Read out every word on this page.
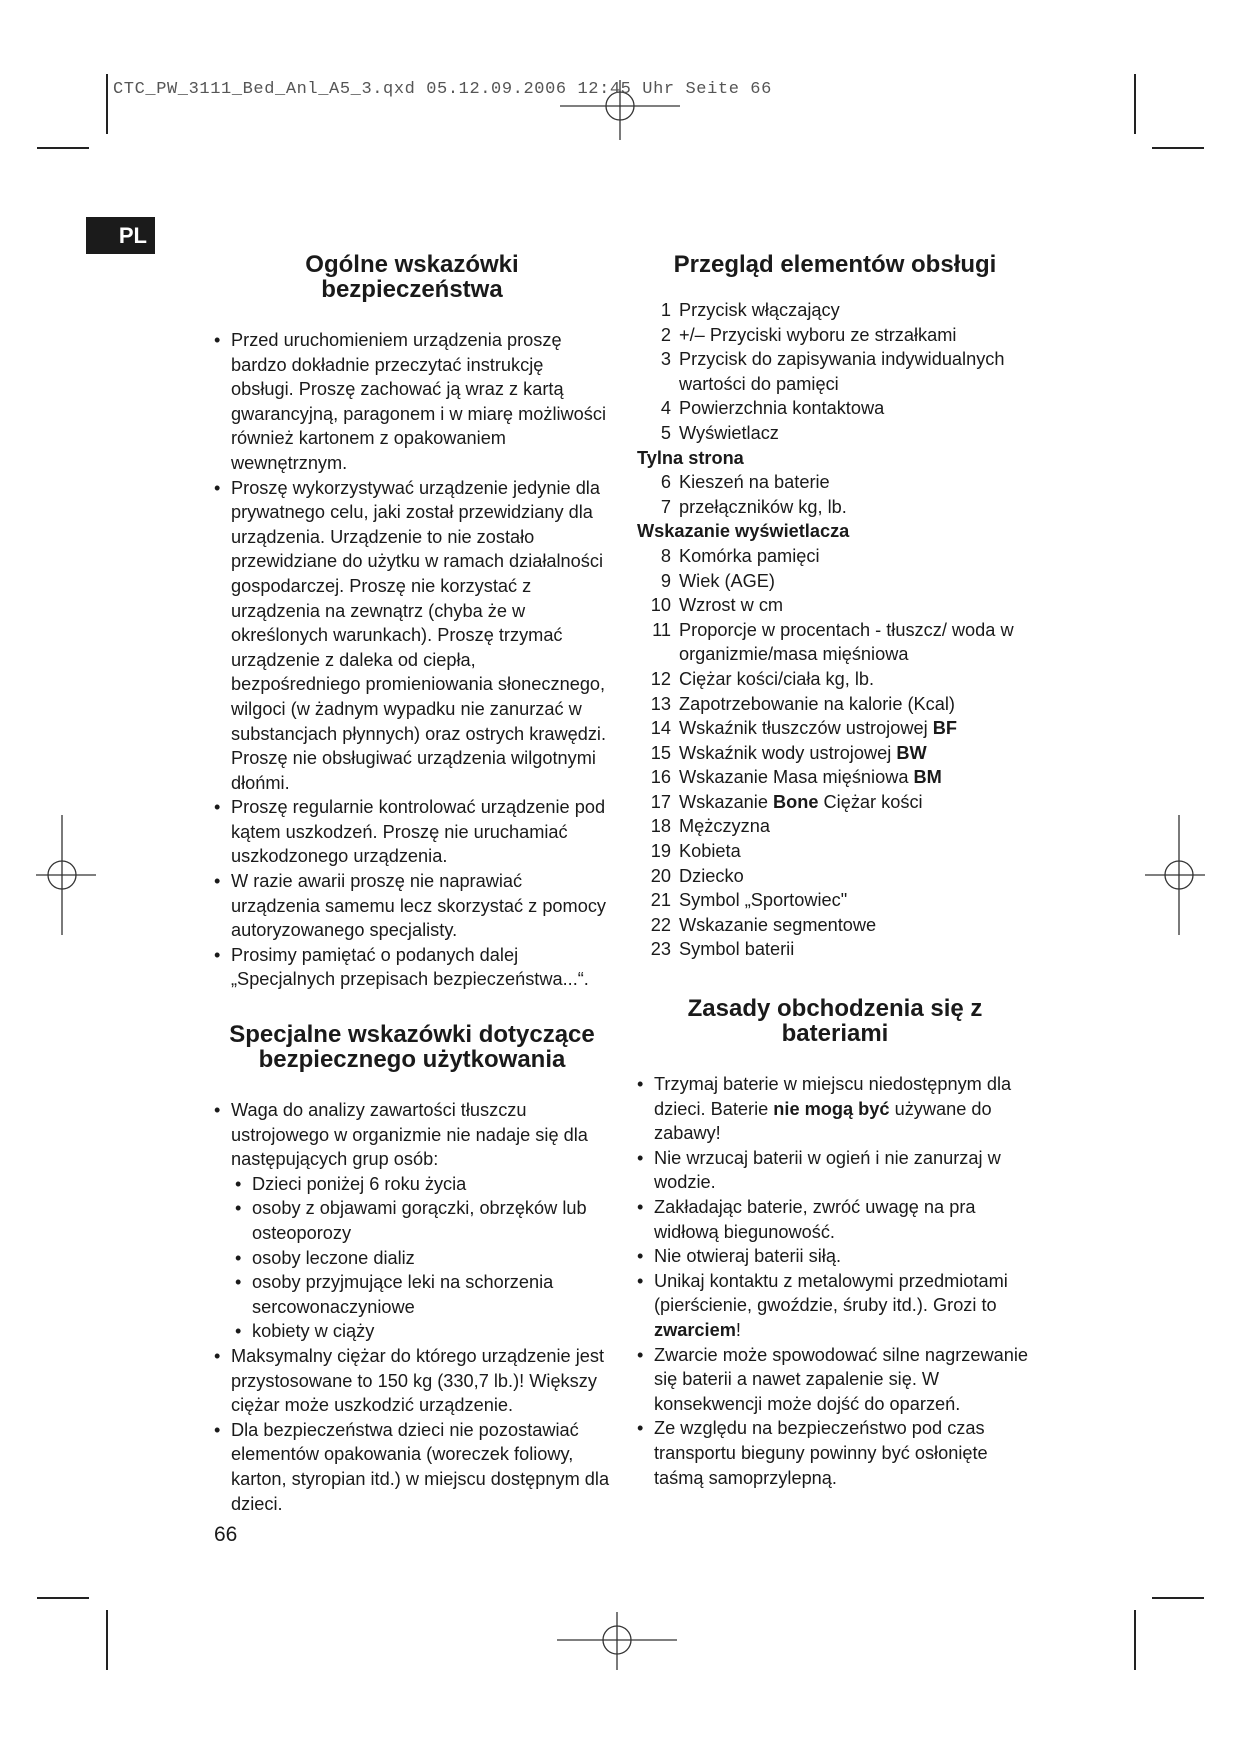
CTC_PW_3111_Bed_Anl_A5_3.qxd 05.12.09.2006 12:45 Uhr Seite 66
PL
Ogólne wskazówki bezpieczeństwa
• Przed uruchomieniem urządzenia proszę bardzo dokładnie przeczytać instrukcję obsługi. Proszę zachować ją wraz z kartą gwarancyjną, paragonem i w miarę możliwości również kartonem z opakowaniem wewnętrznym.
• Proszę wykorzystywać urządzenie jedynie dla prywatnego celu, jaki został przewidziany dla urządzenia. Urządzenie to nie zostało przewidziane do użytku w ramach działalności gospodarczej. Proszę nie korzystać z urządzenia na zewnątrz (chyba że w określonych warunkach). Proszę trzymać urządzenie z daleka od ciepła, bezpośredniego promieniowania słonecznego, wilgoci (w żadnym wypadku nie zanurzać w substancjach płynnych) oraz ostrych krawędzi. Proszę nie obsługiwać urządzenia wilgotnymi dłońmi.
• Proszę regularnie kontrolować urządzenie pod kątem uszkodzeń. Proszę nie uruchamiać uszkodzonego urządzenia.
• W razie awarii proszę nie naprawiać urządzenia samemu lecz skorzystać z pomocy autoryzowanego specjalisty.
• Prosimy pamiętać o podanych dalej „Specjalnych przepisach bezpieczeństwa...“.
Specjalne wskazówki dotyczące bezpiecznego użytkowania
• Waga do analizy zawartości tłuszczu ustrojowego w organizmie nie nadaje się dla następujących grup osób:
• Dzieci poniżej 6 roku życia
• osoby z objawami gorączki, obrzęków lub osteoporozy
• osoby leczone dializ
• osoby przyjmujące leki na schorzenia sercowonaczyniowe
• kobiety w ciąży
• Maksymalny ciężar do którego urządzenie jest przystosowane to 150 kg (330,7 lb.)! Większy ciężar może uszkodzić urządzenie.
• Dla bezpieczeństwa dzieci nie pozostawiać elementów opakowania (woreczek foliowy, karton, styropian itd.) w miejscu dostępnym dla dzieci.
Przegląd elementów obsługi
1 Przycisk włączający
2 +/– Przyciski wyboru ze strzałkami
3 Przycisk do zapisywania indywidualnych wartości do pamięci
4 Powierzchnia kontaktowa
5 Wyświetlacz
Tylna strona
6 Kieszeń na baterie
7 przełączników kg, lb.
Wskazanie wyświetlacza
8 Komórka pamięci
9 Wiek (AGE)
10 Wzrost w cm
11 Proporcje w procentach - tłuszcz/ woda w organizmie/masa mięśniowa
12 Ciężar kości/ciała kg, lb.
13 Zapotrzebowanie na kalorie (Kcal)
14 Wskaźnik tłuszczów ustrojowej BF
15 Wskaźnik wody ustrojowej BW
16 Wskazanie Masa mięśniowa BM
17 Wskazanie Bone Ciężar kości
18 Mężczyzna
19 Kobieta
20 Dziecko
21 Symbol „Sportowiec"
22 Wskazanie segmentowe
23 Symbol baterii
Zasady obchodzenia się z bateriami
• Trzymaj baterie w miejscu niedostępnym dla dzieci. Baterie nie mogą być używane do zabawy!
• Nie wrzucaj baterii w ogień i nie zanurzaj w wodzie.
• Zakładając baterie, zwróć uwagę na pra widłową biegunowość.
• Nie otwieraj baterii siłą.
• Unikaj kontaktu z metalowymi przedmiotami (pierścienie, gwoździe, śruby itd.). Grozi to zwarciem!
• Zwarcie może spowodować silne nagrzewanie się baterii a nawet zapalenie się. W konsekwencji może dojść do oparzeń.
• Ze względu na bezpieczeństwo pod czas transportu bieguny powinny być osłonięte taśmą samoprzylepną.
66
